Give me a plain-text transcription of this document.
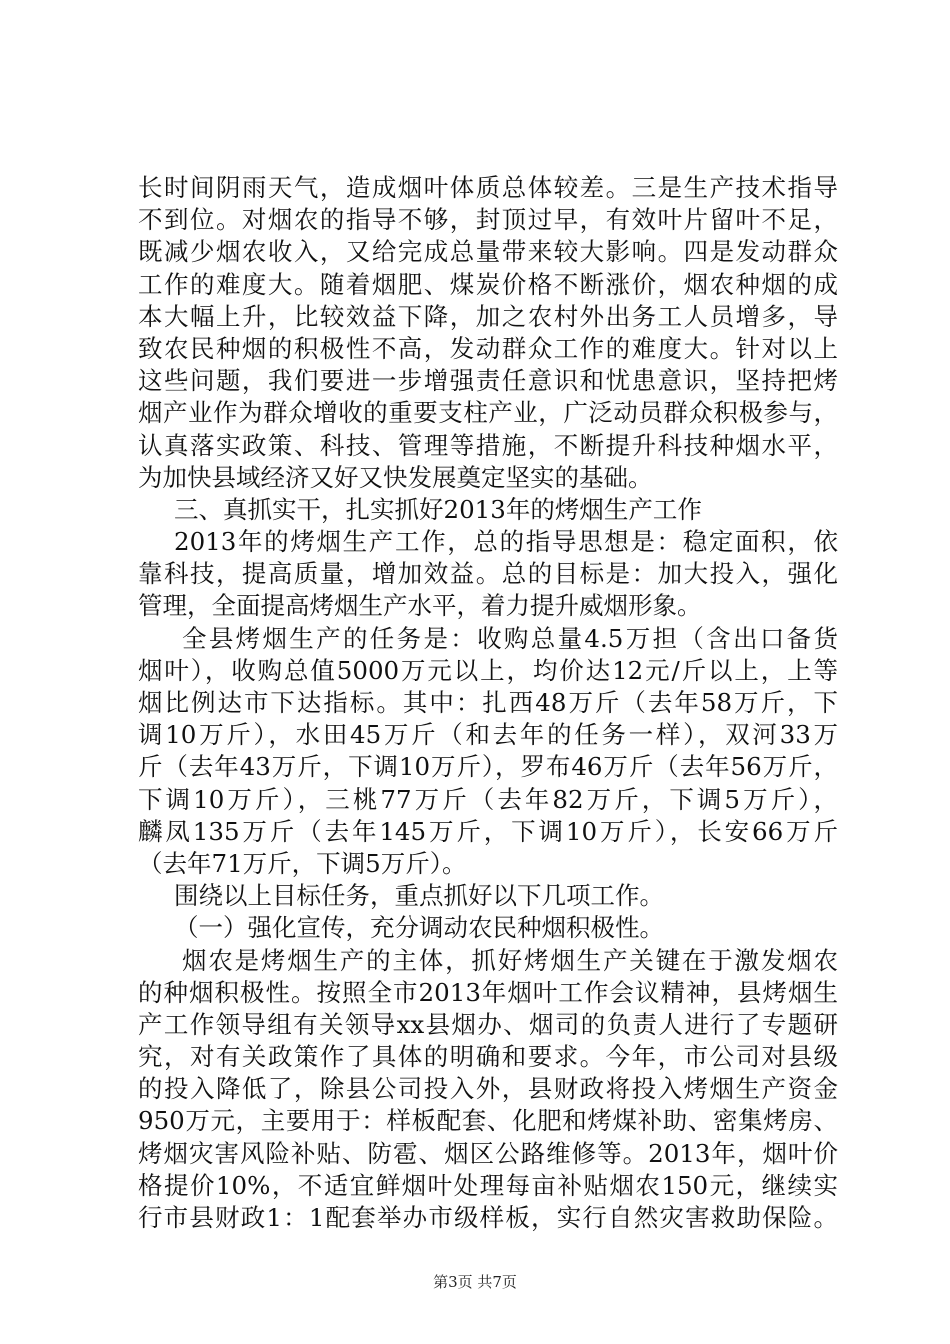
长时间阴雨天气，造成烟叶体质总体较差。三是生产技术指导
不到位。对烟农的指导不够，封顶过早，有效叶片留叶不足，
既减少烟农收入，又给完成总量带来较大影响。四是发动群众
工作的难度大。随着烟肥、煤炭价格不断涨价，烟农种烟的成
本大幅上升，比较效益下降，加之农村外出务工人员增多，导
致农民种烟的积极性不高，发动群众工作的难度大。针对以上
这些问题，我们要进一步增强责任意识和忧患意识，坚持把烤
烟产业作为群众增收的重要支柱产业，广泛动员群众积极参与，
认真落实政策、科技、管理等措施，不断提升科技种烟水平，
为加快县域经济又好又快发展奠定坚实的基础。
三、真抓实干，扎实抓好2013年的烤烟生产工作
2013年的烤烟生产工作，总的指导思想是：稳定面积，依
靠科技，提高质量，增加效益。总的目标是：加大投入，强化
管理，全面提高烤烟生产水平，着力提升威烟形象。
全县烤烟生产的任务是：收购总量4.5万担（含出口备货
烟叶），收购总值5000万元以上，均价达12元/斤以上，上等
烟比例达市下达指标。其中：扎西48万斤（去年58万斤，下
调10万斤），水田45万斤（和去年的任务一样），双河33万
斤（去年43万斤，下调10万斤），罗布46万斤（去年56万斤，
下调10万斤），三桃77万斤（去年82万斤，下调5万斤），
麟凤135万斤（去年145万斤，下调10万斤），长安66万斤
（去年71万斤，下调5万斤）。
围绕以上目标任务，重点抓好以下几项工作。
（一）强化宣传，充分调动农民种烟积极性。
烟农是烤烟生产的主体，抓好烤烟生产关键在于激发烟农
的种烟积极性。按照全市2013年烟叶工作会议精神，县烤烟生
产工作领导组有关领导xx县烟办、烟司的负责人进行了专题研
究，对有关政策作了具体的明确和要求。今年，市公司对县级
的投入降低了，除县公司投入外，县财政将投入烤烟生产资金
950万元，主要用于：样板配套、化肥和烤煤补助、密集烤房、
烤烟灾害风险补贴、防雹、烟区公路维修等。2013年，烟叶价
格提价10%，不适宜鲜烟叶处理每亩补贴烟农150元，继续实
行市县财政1：1配套举办市级样板，实行自然灾害救助保险。
第3页 共7页
